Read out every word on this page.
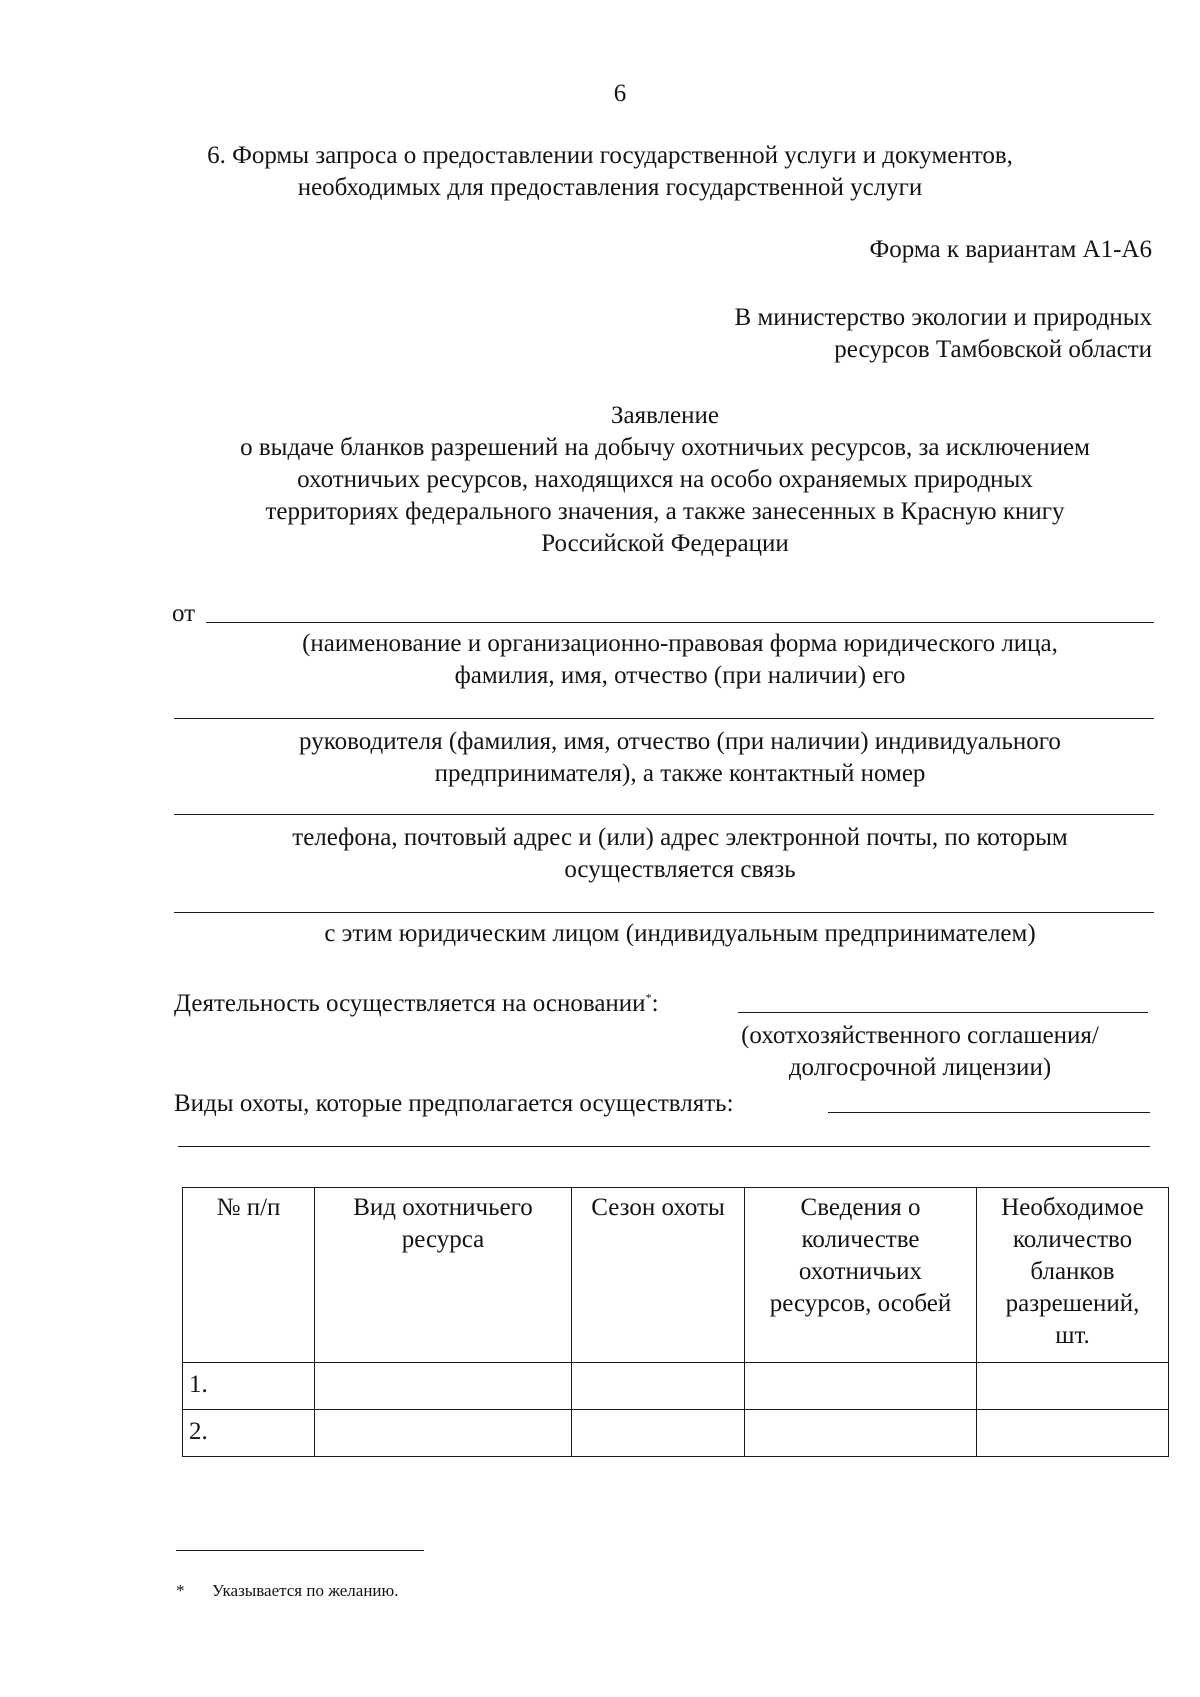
6
6. Формы запроса о предоставлении государственной услуги и документов,
необходимых для предоставления государственной услуги
Форма к вариантам А1-А6
В министерство экологии и природных
ресурсов Тамбовской области
Заявление
о выдаче бланков разрешений на добычу охотничьих ресурсов, за исключением
охотничьих ресурсов, находящихся на особо охраняемых природных
территориях федерального значения, а также занесенных в Красную книгу
Российской Федерации
от
(наименование и организационно-правовая форма юридического лица,
фамилия, имя, отчество (при наличии) его
руководителя (фамилия, имя, отчество (при наличии) индивидуального
предпринимателя), а также контактный номер
телефона, почтовый адрес и (или) адрес электронной почты, по которым
осуществляется связь
с этим юридическим лицом (индивидуальным предпринимателем)
Деятельность осуществляется на основании*:
(охотхозяйственного соглашения/
долгосрочной лицензии)
Виды охоты, которые предполагается осуществлять:
№ п/п	Вид охотничьего ресурса	Сезон охоты	Сведения о количестве охотничьих ресурсов, особей	Необходимое количество бланков разрешений, шт.
1.				
2.				
* Указывается по желанию.
